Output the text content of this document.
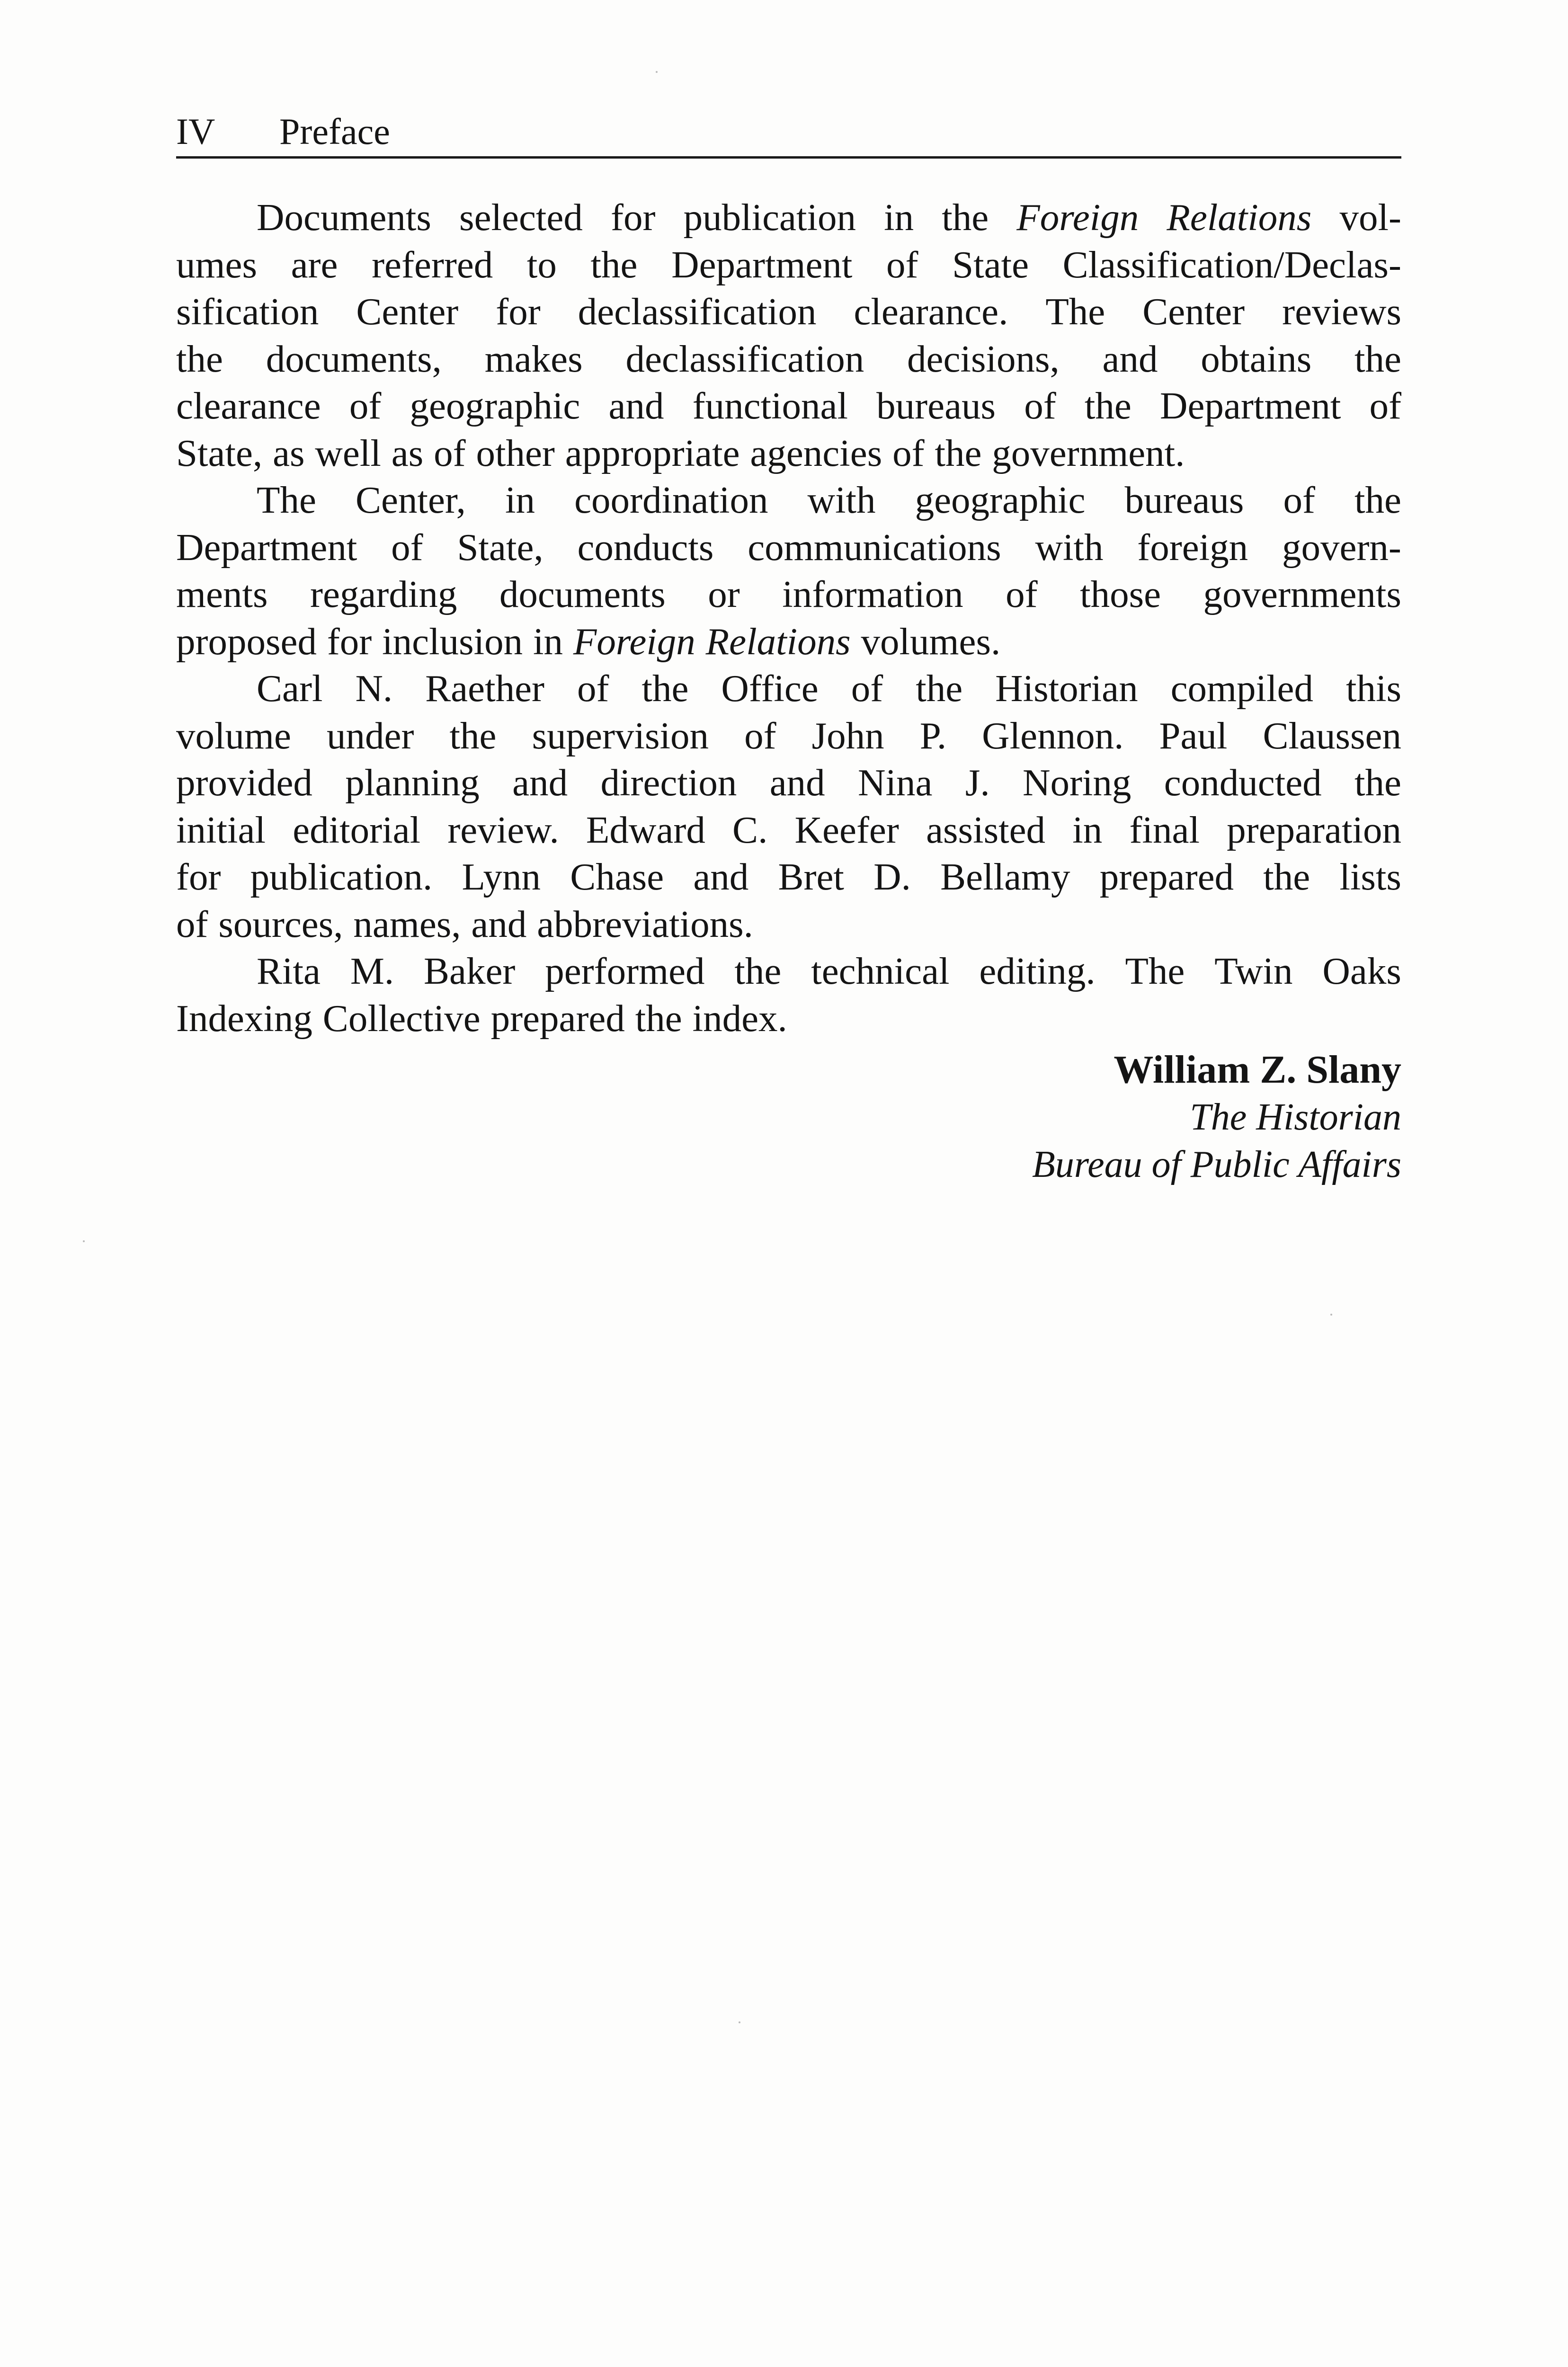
IV Preface
Documents selected for publication in the Foreign Relations vol-
umes are referred to the Department of State Classification/Declas-
sification Center for declassification clearance. The Center reviews
the documents, makes declassification decisions, and obtains the
clearance of geographic and functional bureaus of the Department of
State, as well as of other appropriate agencies of the government.
The Center, in coordination with geographic bureaus of the
Department of State, conducts communications with foreign govern-
ments regarding documents or information of those governments
proposed for inclusion in Foreign Relations volumes.
Carl N. Raether of the Office of the Historian compiled this
volume under the supervision of John P. Glennon. Paul Claussen
provided planning and direction and Nina J. Noring conducted the
initial editorial review. Edward C. Keefer assisted in final preparation
for publication. Lynn Chase and Bret D. Bellamy prepared the lists
of sources, names, and abbreviations.
Rita M. Baker performed the technical editing. The Twin Oaks
Indexing Collective prepared the index.
William Z. Slany
The Historian
Bureau of Public Affairs
